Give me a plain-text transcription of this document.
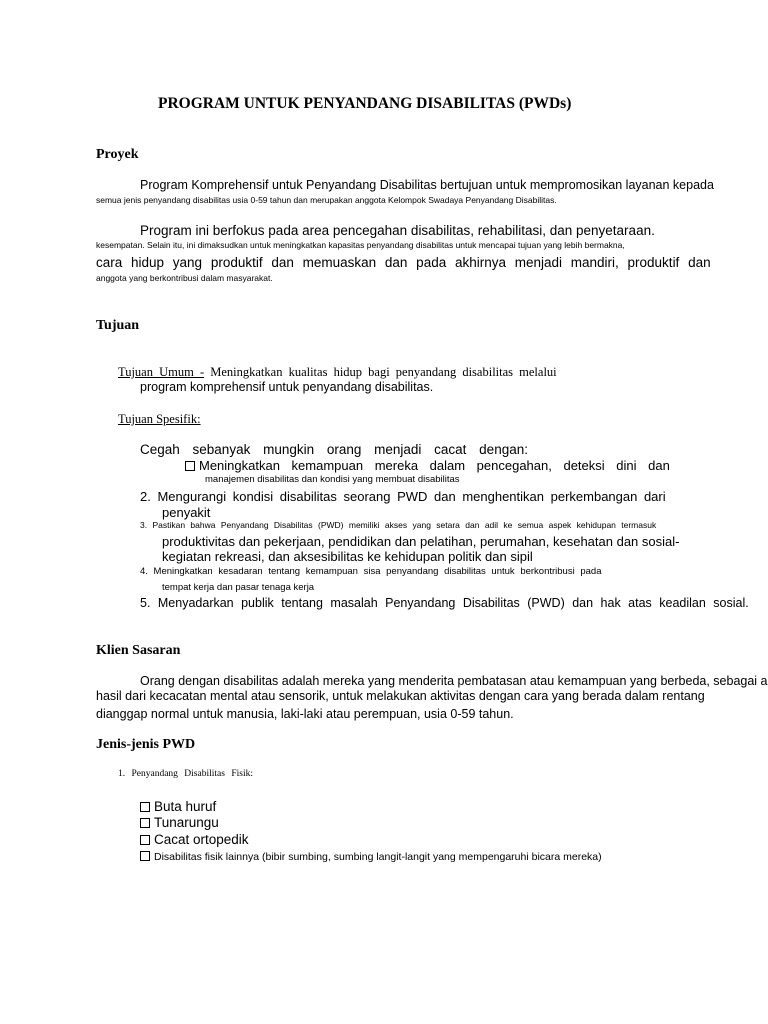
PROGRAM UNTUK PENYANDANG DISABILITAS (PWDs)
Proyek
Program Komprehensif untuk Penyandang Disabilitas bertujuan untuk mempromosikan layanan kepada
semua jenis penyandang disabilitas usia 0-59 tahun dan merupakan anggota Kelompok Swadaya Penyandang Disabilitas.
Program ini berfokus pada area pencegahan disabilitas, rehabilitasi, dan penyetaraan.
kesempatan. Selain itu, ini dimaksudkan untuk meningkatkan kapasitas penyandang disabilitas untuk mencapai tujuan yang lebih bermakna,
cara hidup yang produktif dan memuaskan dan pada akhirnya menjadi mandiri, produktif dan
anggota yang berkontribusi dalam masyarakat.
Tujuan
Tujuan Umum - Meningkatkan kualitas hidup bagi penyandang disabilitas melalui
program komprehensif untuk penyandang disabilitas.
Tujuan Spesifik:
Cegah sebanyak mungkin orang menjadi cacat dengan:
Meningkatkan kemampuan mereka dalam pencegahan, deteksi dini dan
manajemen disabilitas dan kondisi yang membuat disabilitas
2. Mengurangi kondisi disabilitas seorang PWD dan menghentikan perkembangan dari
penyakit
3. Pastikan bahwa Penyandang Disabilitas (PWD) memiliki akses yang setara dan adil ke semua aspek kehidupan termasuk
produktivitas dan pekerjaan, pendidikan dan pelatihan, perumahan, kesehatan dan sosial-
kegiatan rekreasi, dan aksesibilitas ke kehidupan politik dan sipil
4. Meningkatkan kesadaran tentang kemampuan sisa penyandang disabilitas untuk berkontribusi pada
tempat kerja dan pasar tenaga kerja
5. Menyadarkan publik tentang masalah Penyandang Disabilitas (PWD) dan hak atas keadilan sosial.
Klien Sasaran
Orang dengan disabilitas adalah mereka yang menderita pembatasan atau kemampuan yang berbeda, sebagai a
hasil dari kecacatan mental atau sensorik, untuk melakukan aktivitas dengan cara yang berada dalam rentang
dianggap normal untuk manusia, laki-laki atau perempuan, usia 0-59 tahun.
Jenis-jenis PWD
1. Penyandang Disabilitas Fisik:
Buta huruf
Tunarungu
Cacat ortopedik
Disabilitas fisik lainnya (bibir sumbing, sumbing langit-langit yang mempengaruhi bicara mereka)
